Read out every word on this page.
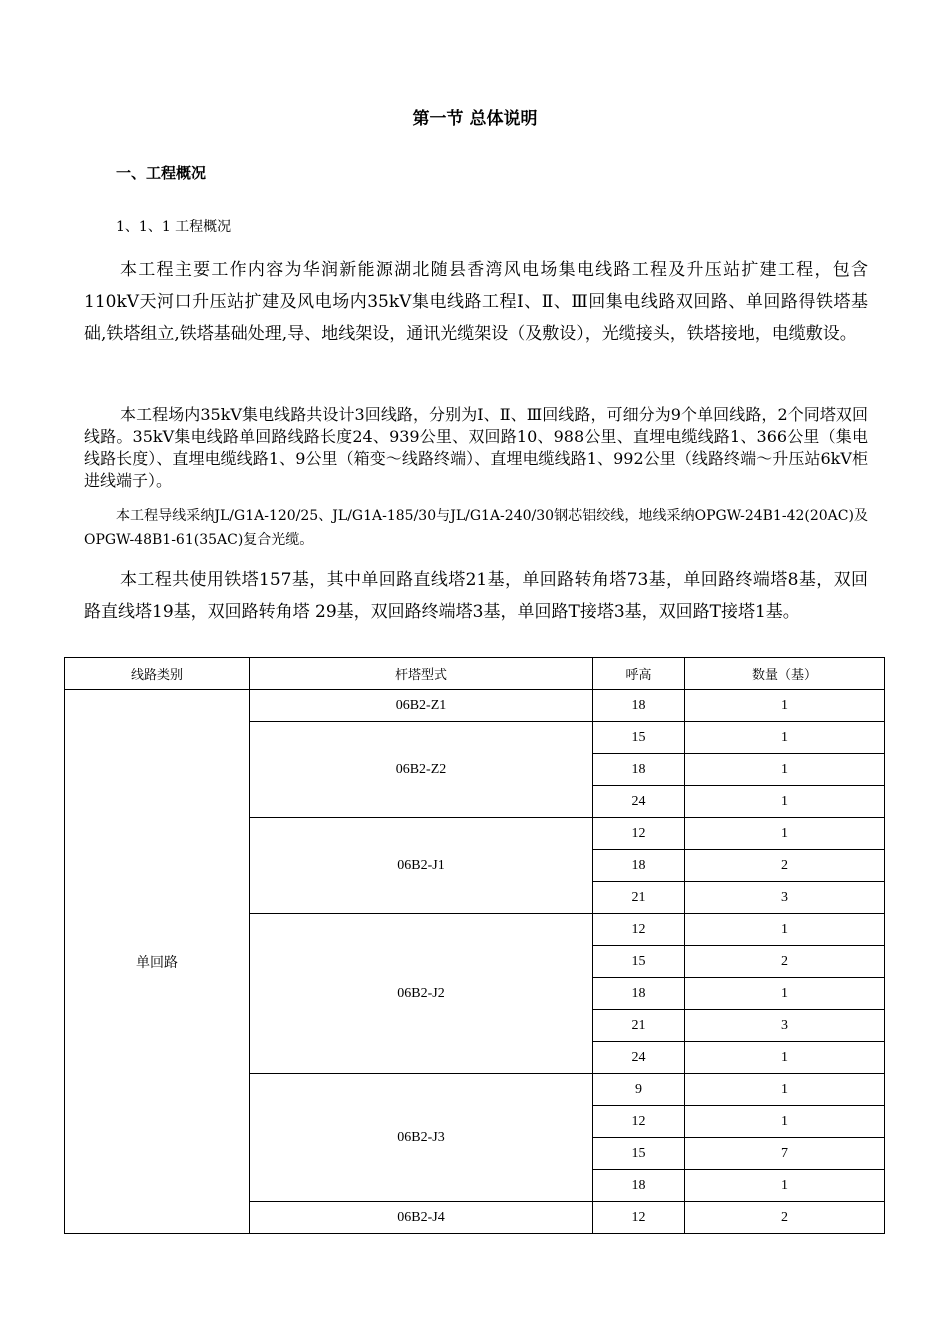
第一节 总体说明
一、工程概况
1、1、1 工程概况
本工程主要工作内容为华润新能源湖北随县香湾风电场集电线路工程及升压站扩建工程，包含110kV天河口升压站扩建及风电场内35kV集电线路工程Ⅰ、Ⅱ、Ⅲ回集电线路双回路、单回路得铁塔基础,铁塔组立,铁塔基础处理,导、地线架设，通讯光缆架设（及敷设），光缆接头，铁塔接地，电缆敷设。
本工程场内35kV集电线路共设计3回线路，分别为Ⅰ、Ⅱ、Ⅲ回线路，可细分为9个单回线路，2个同塔双回线路。35kV集电线路单回路线路长度24、939公里、双回路10、988公里、直埋电缆线路1、366公里（集电线路长度）、直埋电缆线路1、9公里（箱变～线路终端）、直埋电缆线路1、992公里（线路终端～升压站6kV柜进线端子）。
本工程导线采纳JL/G1A-120/25、JL/G1A-185/30与JL/G1A-240/30钢芯铝绞线，地线采纳OPGW-24B1-42(20AC)及OPGW-48B1-61(35AC)复合光缆。
本工程共使用铁塔157基，其中单回路直线塔21基，单回路转角塔73基，单回路终端塔8基，双回路直线塔19基，双回路转角塔 29基，双回路终端塔3基，单回路T接塔3基，双回路T接塔1基。
线路类别	杆塔型式	呼高	数量（基）
单回路	06B2-Z1	18	1
	06B2-Z2	15	1
		18	1
		24	1
	06B2-J1	12	1
		18	2
		21	3
	06B2-J2	12	1
		15	2
		18	1
		21	3
		24	1
	06B2-J3	9	1
		12	1
		15	7
		18	1
	06B2-J4	12	2
